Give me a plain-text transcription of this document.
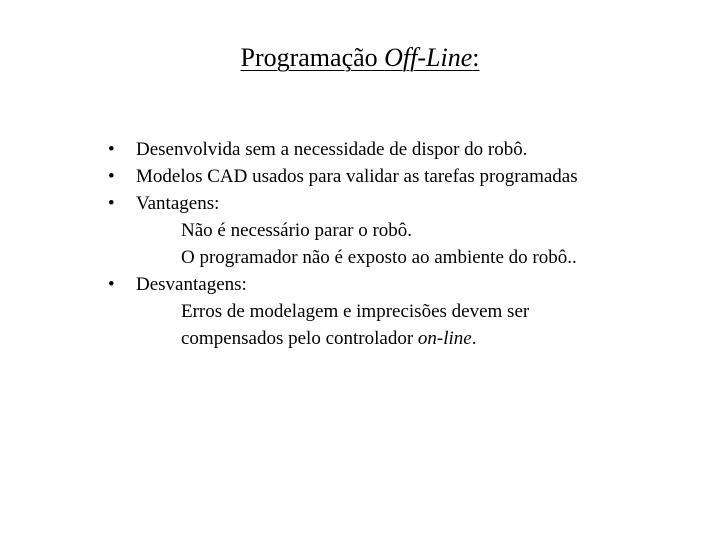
Programação Off-Line:
• Desenvolvida sem a necessidade de dispor do robô.
• Modelos CAD usados para validar as tarefas programadas
• Vantagens:
Não é necessário parar o robô.
O programador não é exposto ao ambiente do robô..
• Desvantagens:
Erros de modelagem e imprecisões devem ser
compensados pelo controlador on-line.
